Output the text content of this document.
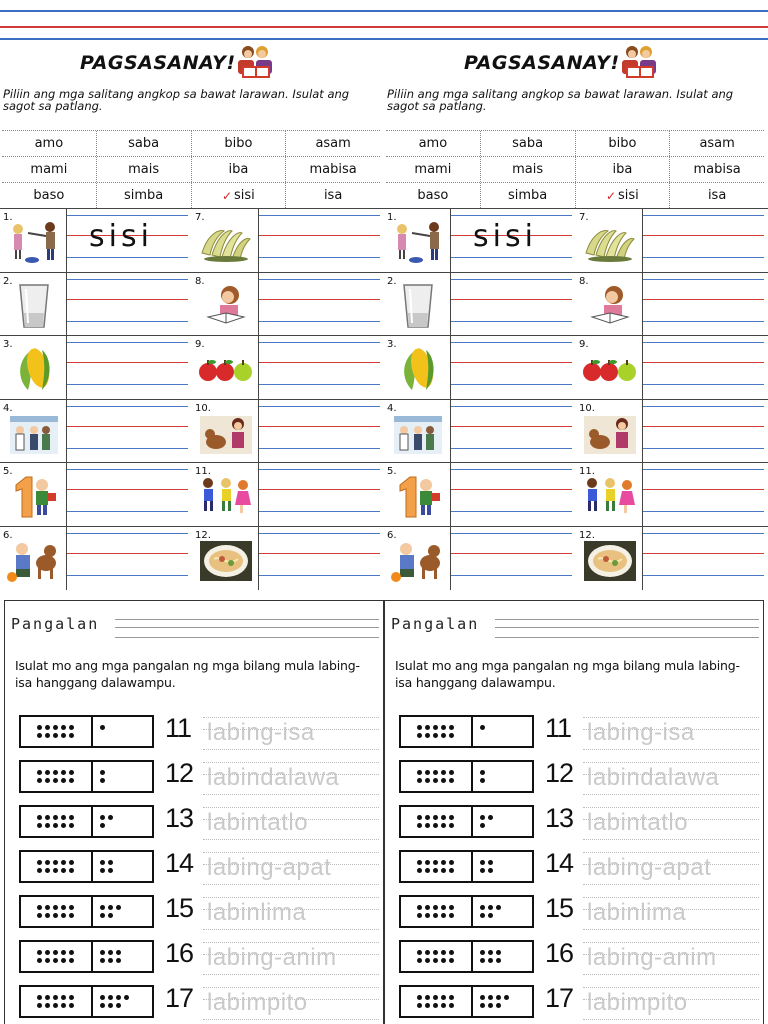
PAGSASANAY!
Piliin ang mga salitang angkop sa bawat larawan. Isulat ang sagot sa patlang.
amo	saba	bibo	asam
mami	mais	iba	mabisa
baso	simba	✓ sisi	isa
1.
sisi
2.
3.
4.
5.
6.
7.
8.
9.
10.
11.
12.
PAGSASANAY!
Piliin ang mga salitang angkop sa bawat larawan. Isulat ang sagot sa patlang.
amo	saba	bibo	asam
mami	mais	iba	mabisa
baso	simba	✓ sisi	isa
1.
sisi
2.
3.
4.
5.
6.
7.
8.
9.
10.
11.
12.
Pangalan
Isulat mo ang mga pangalan ng mga bilang mula labing-isa hanggang dalawampu.
11 labing-isa
12 labindalawa
13 labintatlo
14 labing-apat
15 labinlima
16 labing-anim
17 labimpito
Pangalan
Isulat mo ang mga pangalan ng mga bilang mula labing-isa hanggang dalawampu.
11 labing-isa
12 labindalawa
13 labintatlo
14 labing-apat
15 labinlima
16 labing-anim
17 labimpito
